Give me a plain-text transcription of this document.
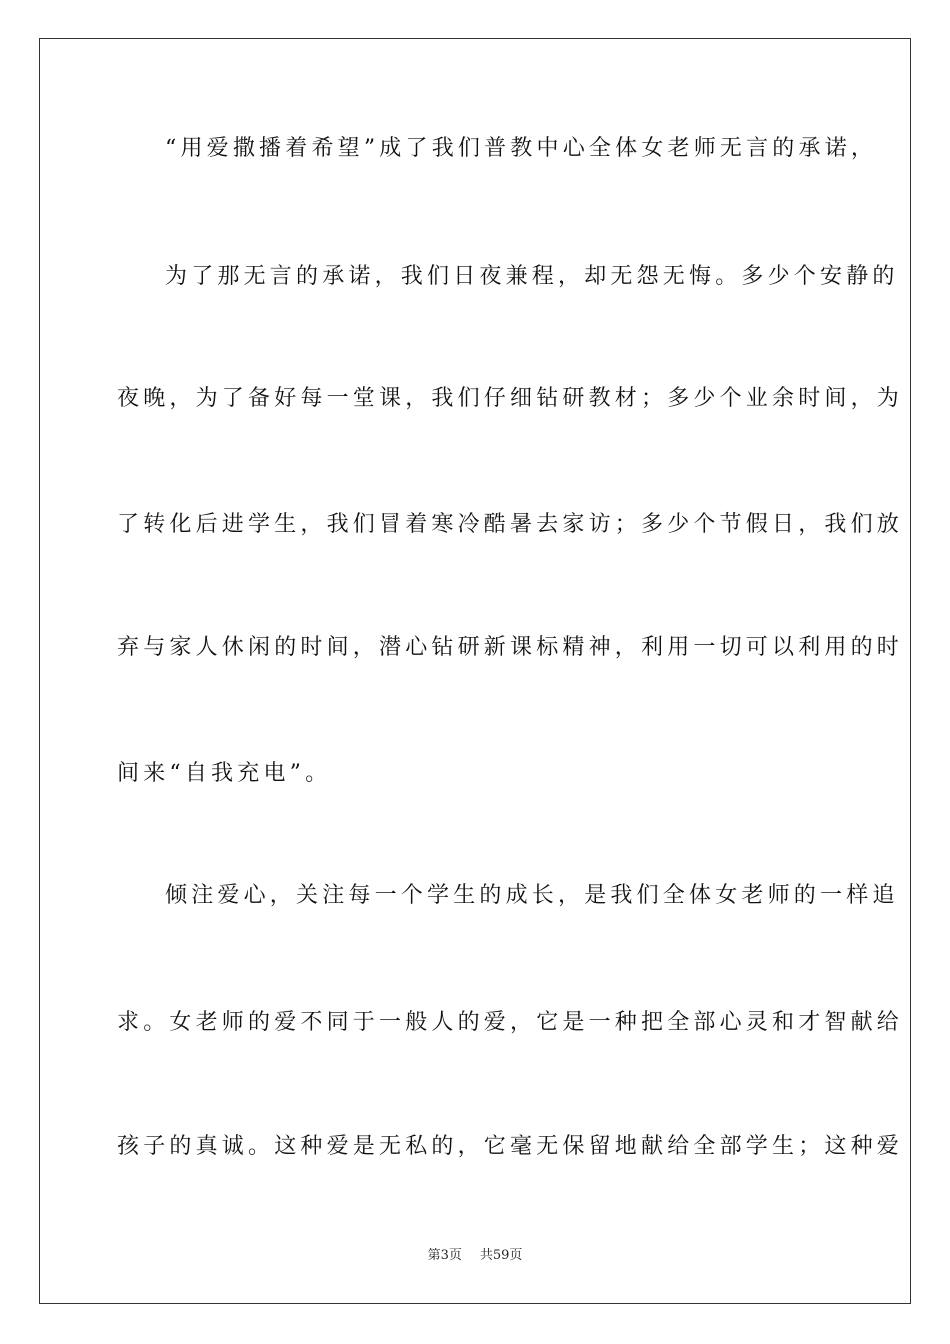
“用爱撒播着希望”成了我们普教中心全体女老师无言的承诺，
为了那无言的承诺，我们日夜兼程，却无怨无悔。多少个安静的
夜晚，为了备好每一堂课，我们仔细钻研教材；多少个业余时间，为
了转化后进学生，我们冒着寒冷酷暑去家访；多少个节假日，我们放
弃与家人休闲的时间，潜心钻研新课标精神，利用一切可以利用的时
间来“自我充电”。
倾注爱心，关注每一个学生的成长，是我们全体女老师的一样追
求。女老师的爱不同于一般人的爱，它是一种把全部心灵和才智献给
孩子的真诚。这种爱是无私的，它毫无保留地献给全部学生；这种爱
第3页 共59页
